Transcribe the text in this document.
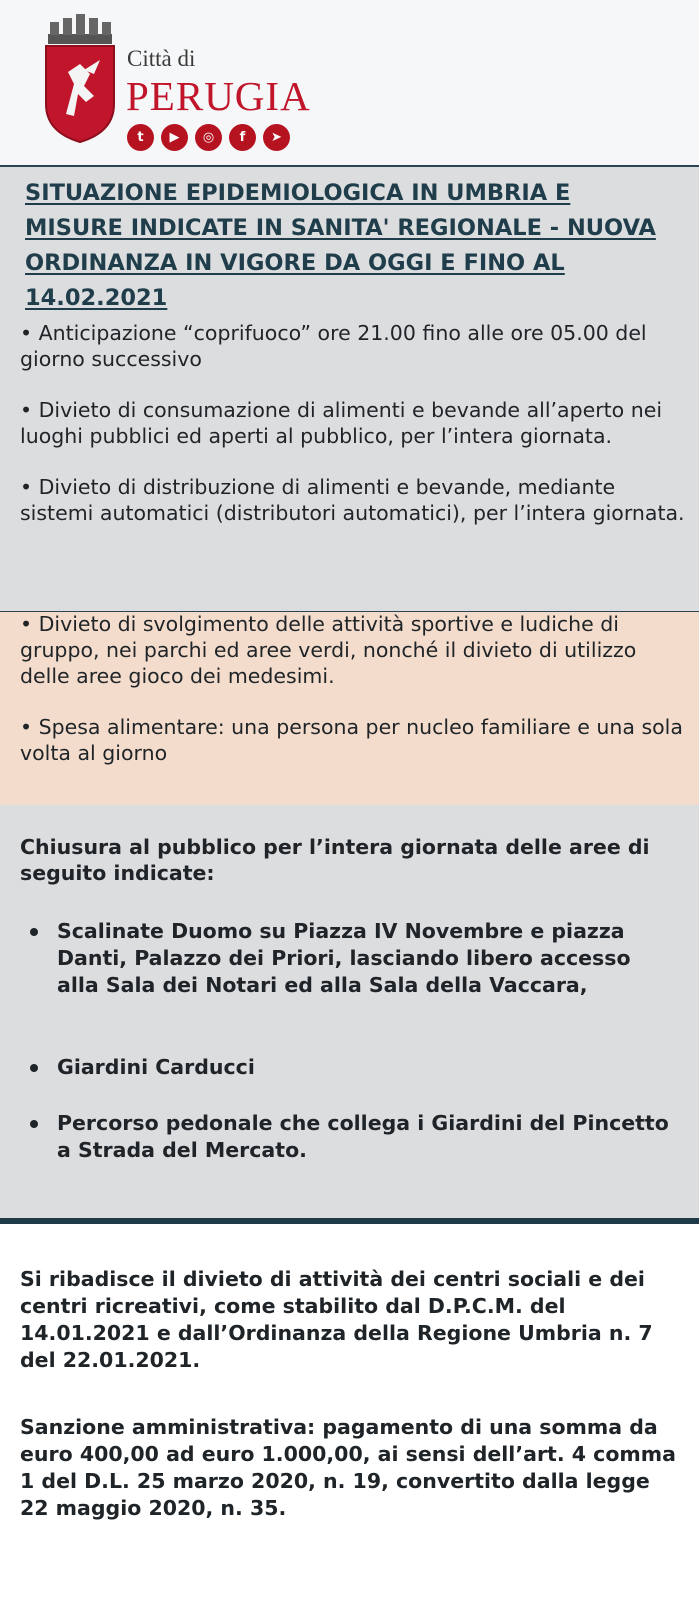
Città di
PERUGIA
t	▶	◎	f	➤
SITUAZIONE EPIDEMIOLOGICA IN UMBRIA E MISURE INDICATE IN SANITA' REGIONALE - NUOVA ORDINANZA IN VIGORE DA OGGI E FINO AL 14.02.2021

• Anticipazione “coprifuoco” ore 21.00 fino alle ore 05.00 del giorno successivo

• Divieto di consumazione di alimenti e bevande all’aperto nei luoghi pubblici ed aperti al pubblico, per l’intera giornata.

• Divieto di distribuzione di alimenti e bevande, mediante sistemi automatici (distributori automatici), per l’intera giornata.

• Divieto di svolgimento delle attività sportive e ludiche di gruppo, nei parchi ed aree verdi, nonché il divieto di utilizzo delle aree gioco dei medesimi.

• Spesa alimentare: una persona per nucleo familiare e una sola volta al giorno

Chiusura al pubblico per l’intera giornata delle aree di seguito indicate:
Scalinate Duomo su Piazza IV Novembre e piazza Danti, Palazzo dei Priori, lasciando libero accesso alla Sala dei Notari ed alla Sala della Vaccara,
Giardini Carducci
Percorso pedonale che collega i Giardini del Pincetto a Strada del Mercato.
Si ribadisce il divieto di attività dei centri sociali e dei centri ricreativi, come stabilito dal D.P.C.M. del 14.01.2021 e dall’Ordinanza della Regione Umbria n. 7 del 22.01.2021.
Sanzione amministrativa: pagamento di una somma da euro 400,00 ad euro 1.000,00, ai sensi dell’art. 4 comma 1 del D.L. 25 marzo 2020, n. 19, convertito dalla legge 22 maggio 2020, n. 35.
